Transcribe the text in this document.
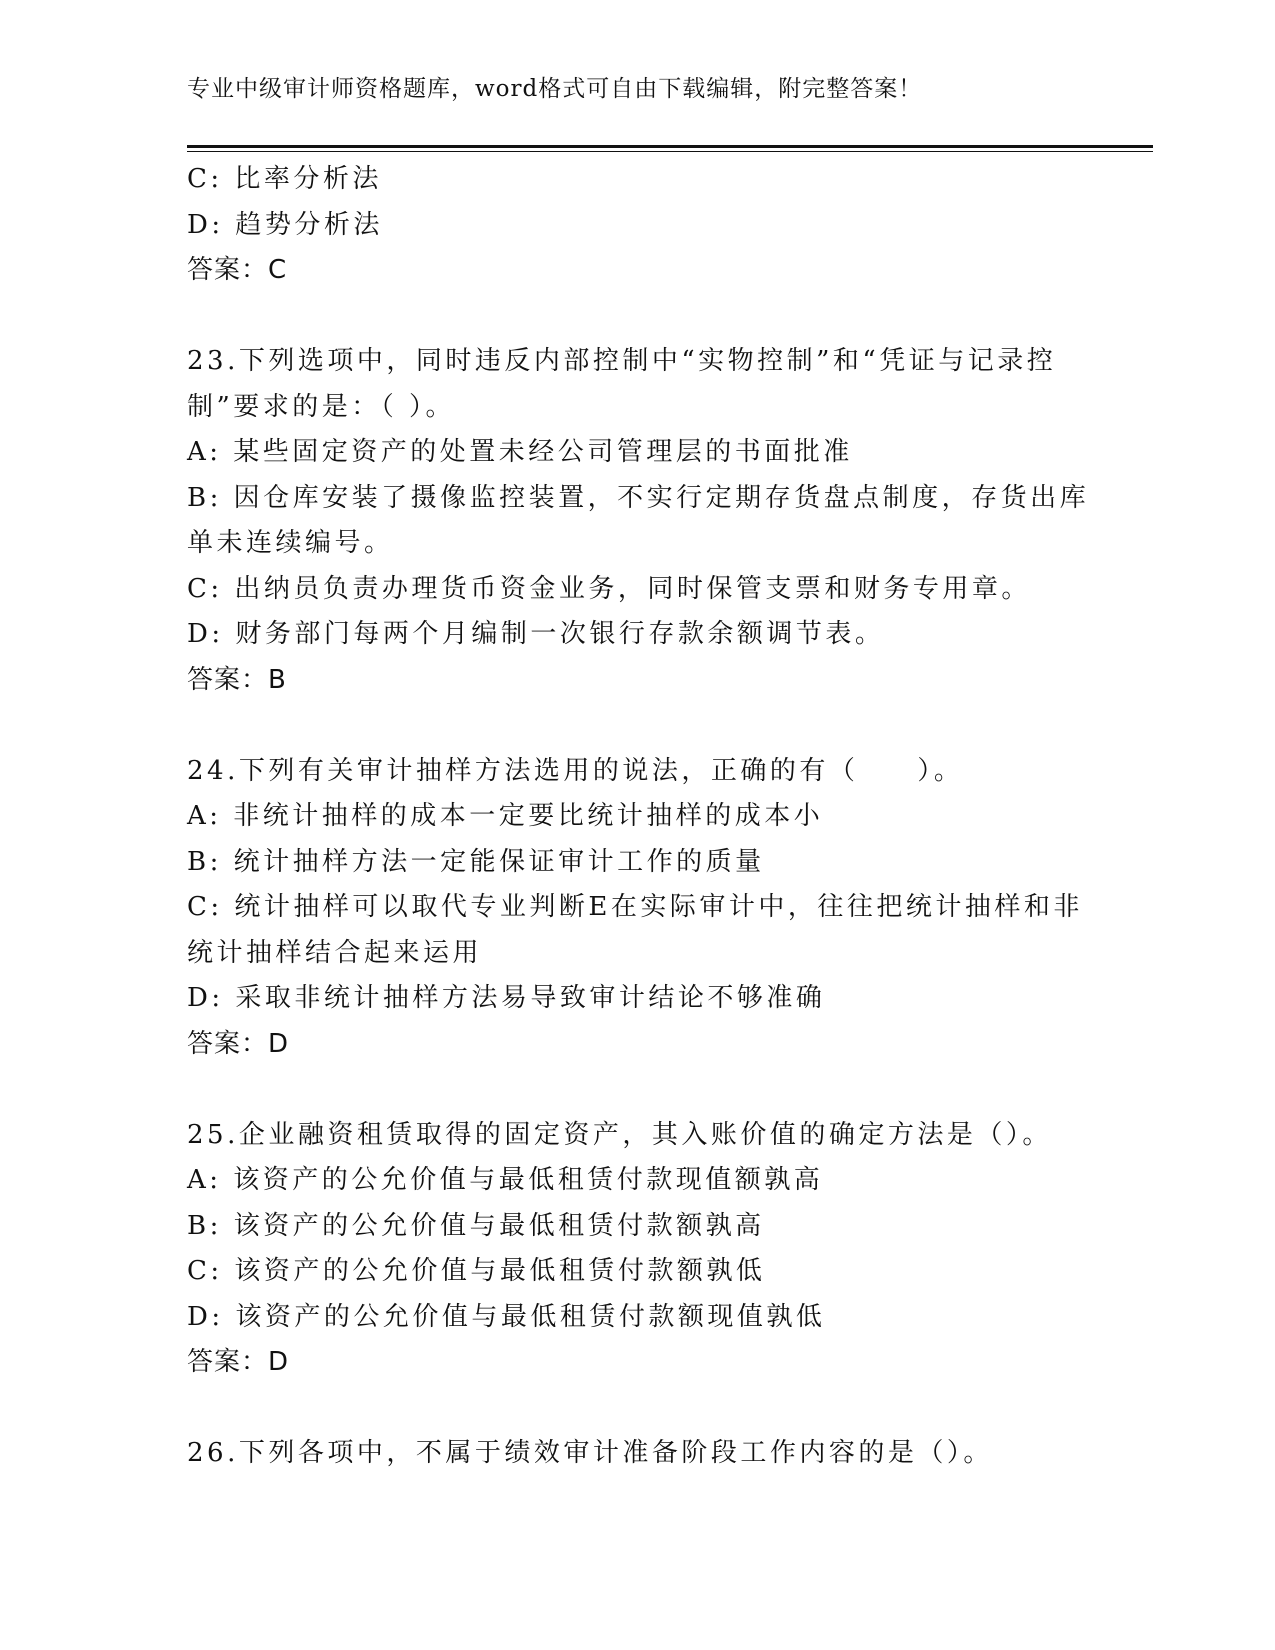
专业中级审计师资格题库，word格式可自由下载编辑，附完整答案！
C: 比率分析法
D: 趋势分析法
答案：C
23.下列选项中，同时违反内部控制中“实物控制”和“凭证与记录控
制”要求的是：（ ）。
A: 某些固定资产的处置未经公司管理层的书面批准
B: 因仓库安装了摄像监控装置，不实行定期存货盘点制度，存货出库
单未连续编号。
C: 出纳员负责办理货币资金业务，同时保管支票和财务专用章。
D: 财务部门每两个月编制一次银行存款余额调节表。
答案：B
24.下列有关审计抽样方法选用的说法，正确的有（　　）。
A: 非统计抽样的成本一定要比统计抽样的成本小
B: 统计抽样方法一定能保证审计工作的质量
C: 统计抽样可以取代专业判断E在实际审计中，往往把统计抽样和非
统计抽样结合起来运用
D: 采取非统计抽样方法易导致审计结论不够准确
答案：D
25.企业融资租赁取得的固定资产，其入账价值的确定方法是（）。
A: 该资产的公允价值与最低租赁付款现值额孰高
B: 该资产的公允价值与最低租赁付款额孰高
C: 该资产的公允价值与最低租赁付款额孰低
D: 该资产的公允价值与最低租赁付款额现值孰低
答案：D
26.下列各项中，不属于绩效审计准备阶段工作内容的是（）。
